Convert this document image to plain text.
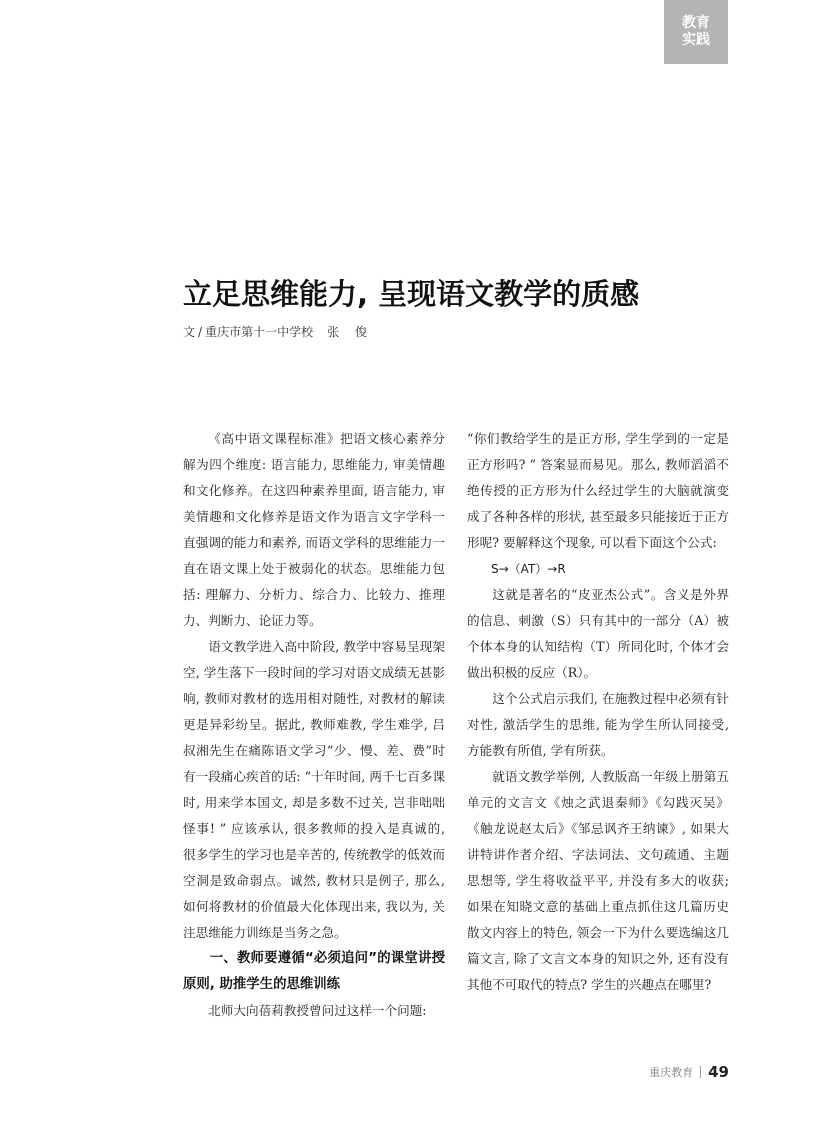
教育
实践
立足思维能力, 呈现语文教学的质感
文 / 重庆市第十一中学校 张 俊

《高中语文课程标准》把语文核心素养分解为四个维度: 语言能力, 思维能力, 审美情趣和文化修养。在这四种素养里面, 语言能力, 审美情趣和文化修养是语文作为语言文字学科一直强调的能力和素养, 而语文学科的思维能力一直在语文课上处于被弱化的状态。思维能力包括: 理解力、分析力、综合力、比较力、推理力、判断力、论证力等。

语文教学进入高中阶段, 教学中容易呈现架空, 学生落下一段时间的学习对语文成绩无甚影响, 教师对教材的选用相对随性, 对教材的解读更是异彩纷呈。据此, 教师难教, 学生难学, 吕叔湘先生在痛陈语文学习“少、慢、差、费”时有一段痛心疾首的话: “十年时间, 两千七百多课时, 用来学本国文, 却是多数不过关, 岂非咄咄怪事! ” 应该承认, 很多教师的投入是真诚的, 很多学生的学习也是辛苦的, 传统教学的低效而空洞是致命弱点。诚然, 教材只是例子, 那么, 如何将教材的价值最大化体现出来, 我以为, 关注思维能力训练是当务之急。

一、教师要遵循“必须追问”的课堂讲授原则, 助推学生的思维训练

北师大向蓓莉教授曾问过这样一个问题:

“你们教给学生的是正方形, 学生学到的一定是正方形吗? ” 答案显而易见。那么, 教师滔滔不绝传授的正方形为什么经过学生的大脑就演变成了各种各样的形状, 甚至最多只能接近于正方形呢? 要解释这个现象, 可以看下面这个公式:

S→（AT）→R

这就是著名的“皮亚杰公式”。含义是外界的信息、刺激（S）只有其中的一部分（A）被个体本身的认知结构（T）所同化时, 个体才会做出积极的反应（R）。

这个公式启示我们, 在施教过程中必须有针对性, 激活学生的思维, 能为学生所认同接受, 方能教有所值, 学有所获。

就语文教学举例, 人教版高一年级上册第五单元的文言文《烛之武退秦师》《勾践灭吴》《触龙说赵太后》《邹忌讽齐王纳谏》, 如果大讲特讲作者介绍、字法词法、文句疏通、主题思想等, 学生将收益平平, 并没有多大的收获; 如果在知晓文意的基础上重点抓住这几篇历史散文内容上的特色, 领会一下为什么要选编这几篇文言, 除了文言文本身的知识之外, 还有没有其他不可取代的特点? 学生的兴趣点在哪里?

重庆教育 49
